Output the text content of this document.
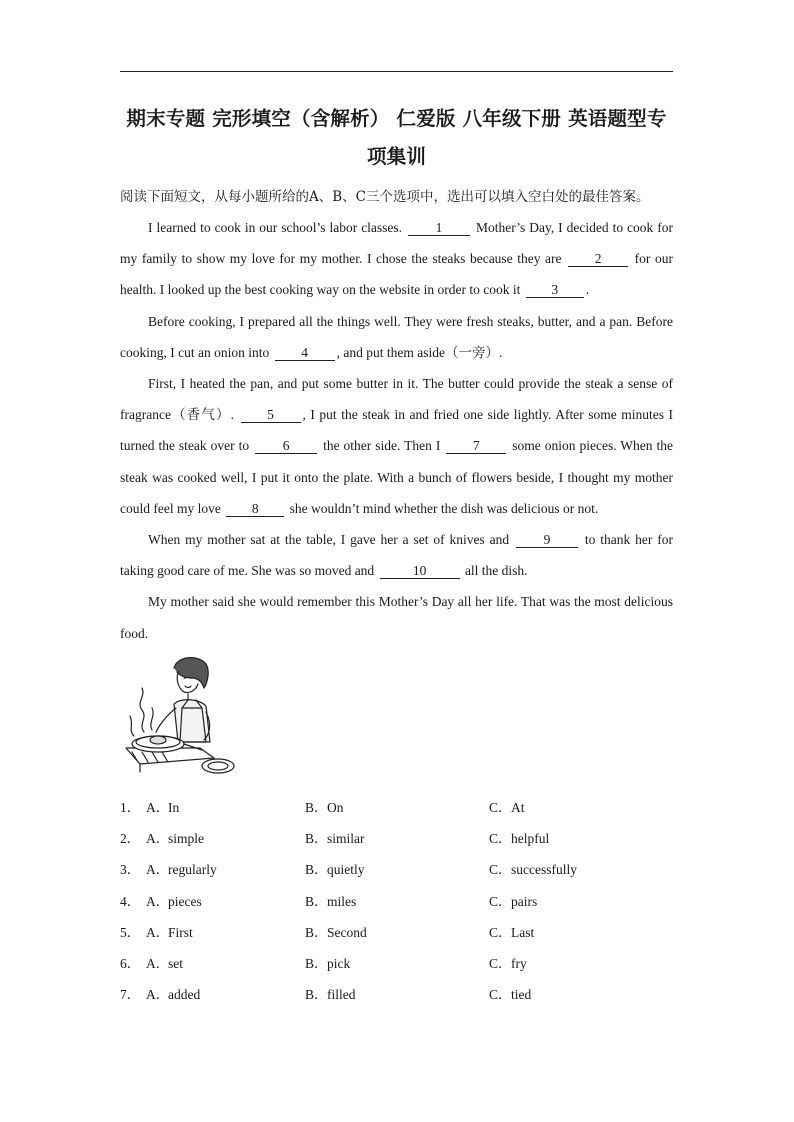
期末专题 完形填空（含解析） 仁爱版 八年级下册 英语题型专项集训
阅读下面短文，从每小题所给的A、B、C三个选项中，选出可以填入空白处的最佳答案。

I learned to cook in our school’s labor classes. 1 Mother’s Day, I decided to cook for my family to show my love for my mother. I chose the steaks because they are 2 for our health. I looked up the best cooking way on the website in order to cook it 3 .

Before cooking, I prepared all the things well. They were fresh steaks, butter, and a pan. Before cooking, I cut an onion into 4 , and put them aside（一旁）.

First, I heated the pan, and put some butter in it. The butter could provide the steak a sense of fragrance（香气）. 5 , I put the steak in and fried one side lightly. After some minutes I turned the steak over to 6 the other side. Then I 7 some onion pieces. When the steak was cooked well, I put it onto the plate. With a bunch of flowers beside, I thought my mother could feel my love 8 she wouldn’t mind whether the dish was delicious or not.

When my mother sat at the table, I gave her a set of knives and 9 to thank her for taking good care of me. She was so moved and	10	all the dish.

My mother said she would remember this Mother’s Day all her life. That was the most delicious food.

1． A．In	B．On	C．At
2． A．simple	B．similar	C．helpful
3． A．regularly	B．quietly	C．successfully
4． A．pieces	B．miles	C．pairs
5． A．First	B．Second	C．Last
6． A．set	B．pick	C．fry
7． A．added	B．filled	C．tied
